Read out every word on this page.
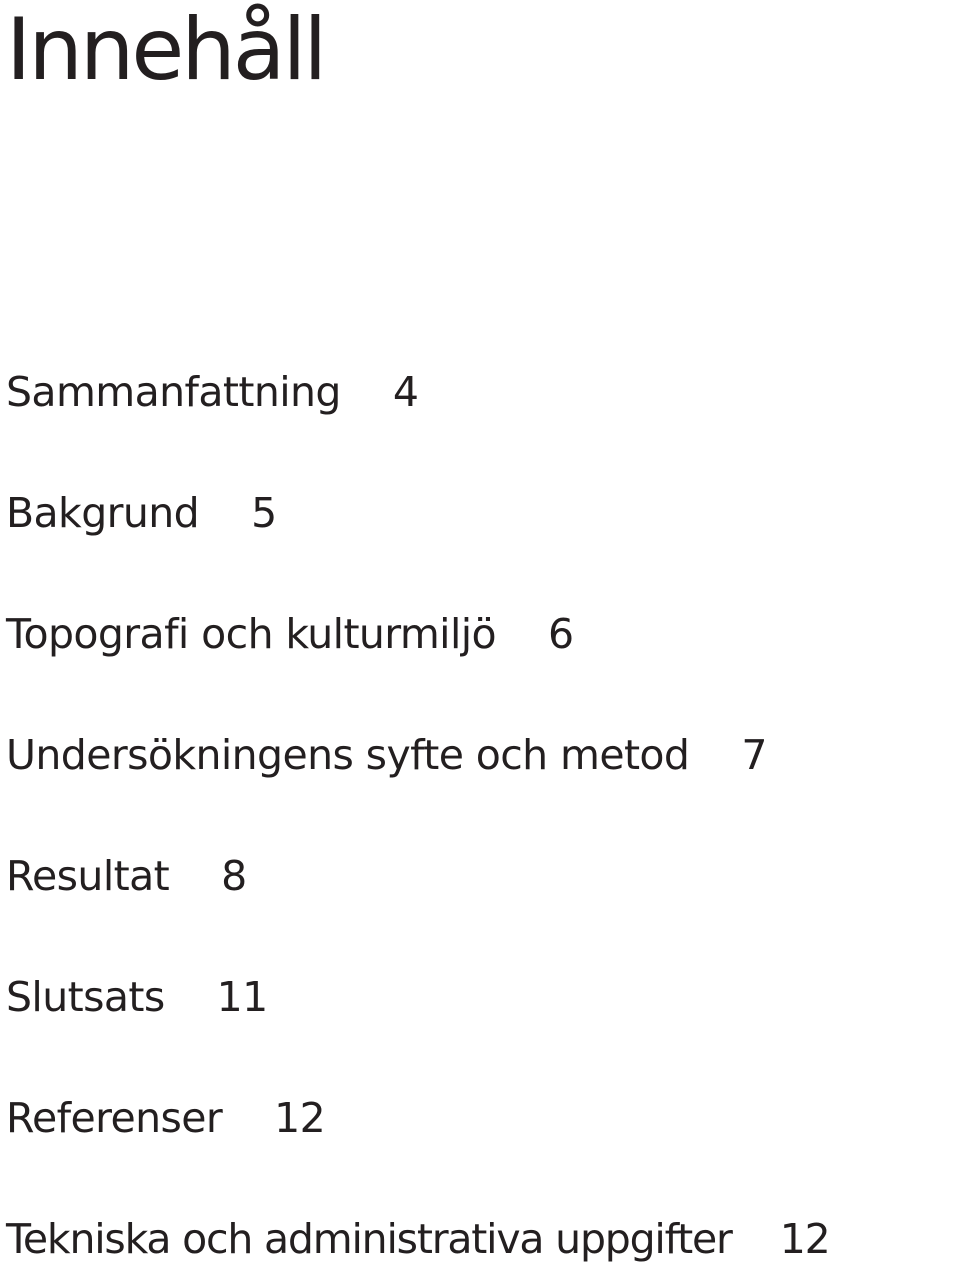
Innehåll
Sammanfattning 4
Bakgrund 5
Topografi och kulturmiljö 6
Undersökningens syfte och metod 7
Resultat 8
Slutsats 11
Referenser 12
Tekniska och administrativa uppgifter 12
